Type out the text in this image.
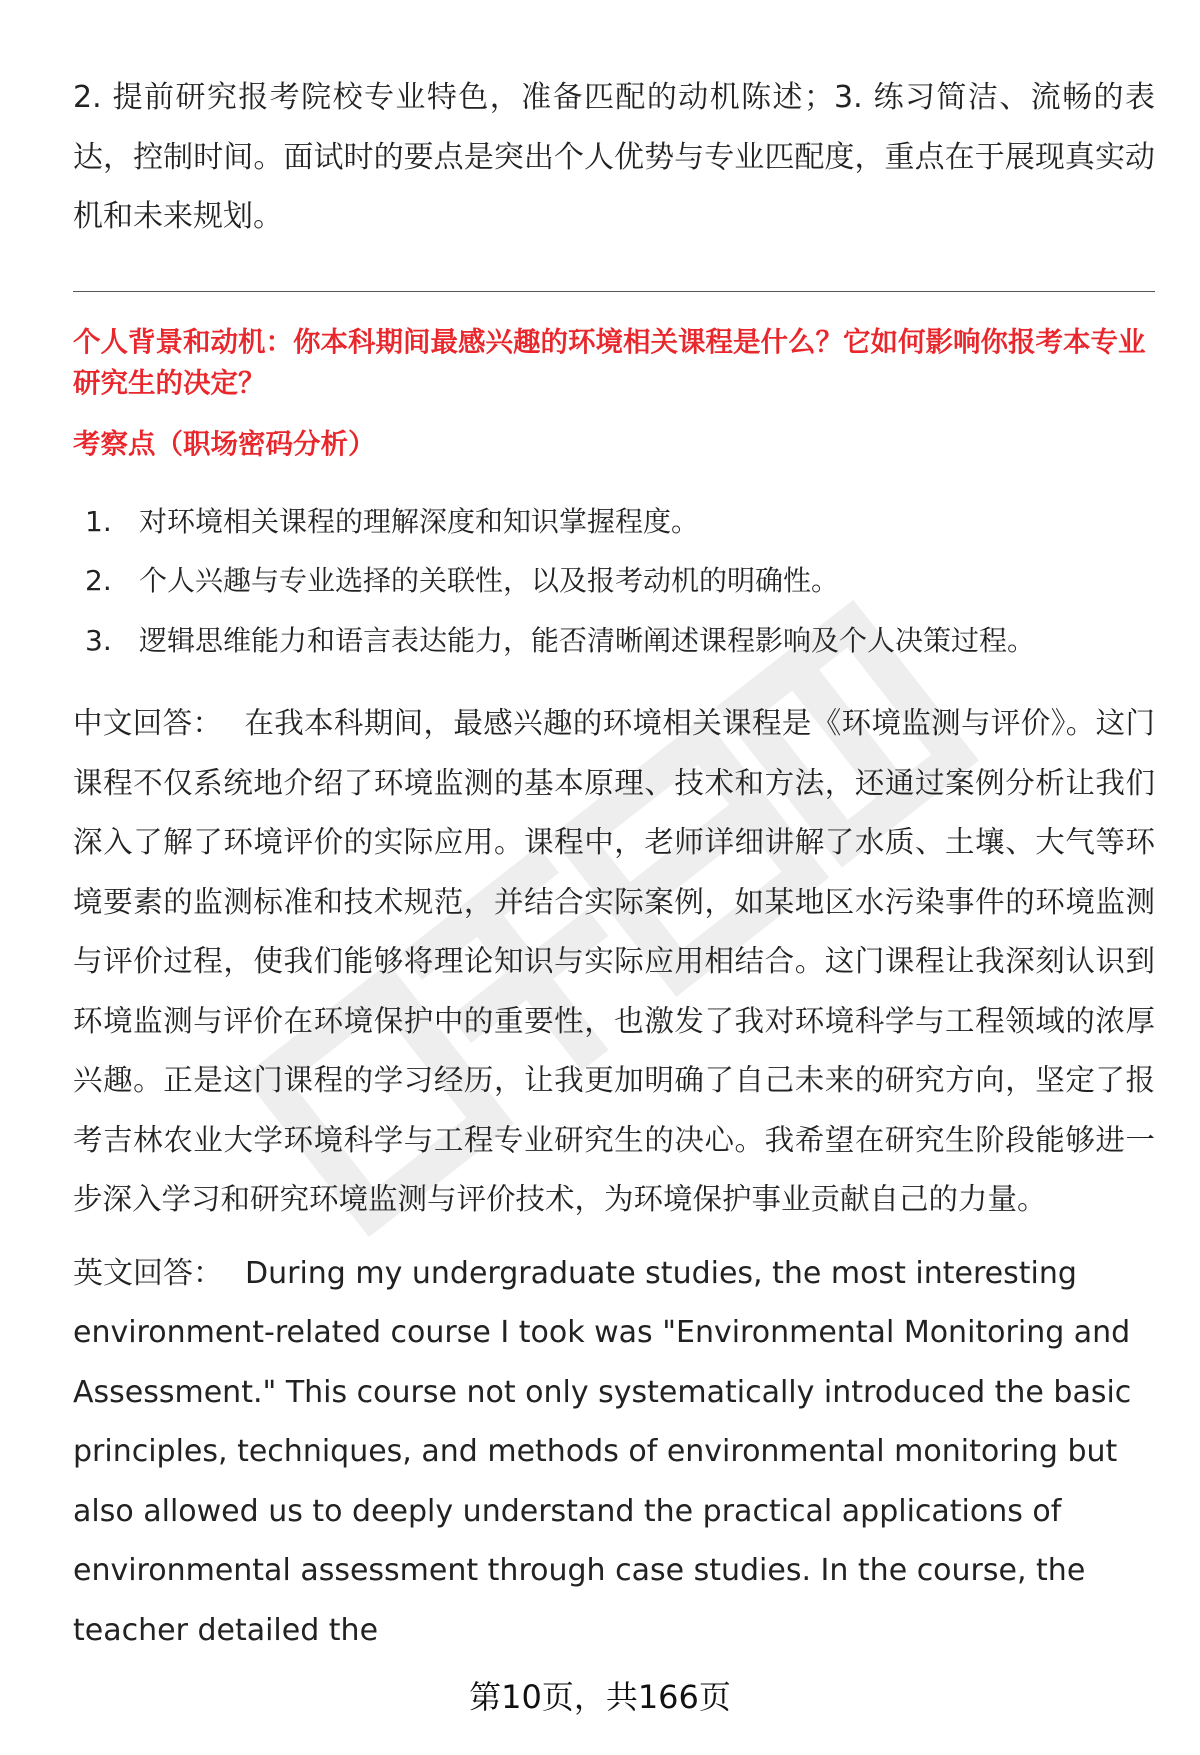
2. 提前研究报考院校专业特色，准备匹配的动机陈述；3. 练习简洁、流畅的表达，控制时间。面试时的要点是突出个人优势与专业匹配度，重点在于展现真实动机和未来规划。

个人背景和动机：你本科期间最感兴趣的环境相关课程是什么？它如何影响你报考本专业研究生的决定？

考察点（职场密码分析）

1. 对环境相关课程的理解深度和知识掌握程度。
2. 个人兴趣与专业选择的关联性，以及报考动机的明确性。
3. 逻辑思维能力和语言表达能力，能否清晰阐述课程影响及个人决策过程。

中文回答： 在我本科期间，最感兴趣的环境相关课程是《环境监测与评价》。这门课程不仅系统地介绍了环境监测的基本原理、技术和方法，还通过案例分析让我们深入了解了环境评价的实际应用。课程中，老师详细讲解了水质、土壤、大气等环境要素的监测标准和技术规范，并结合实际案例，如某地区水污染事件的环境监测与评价过程，使我们能够将理论知识与实际应用相结合。这门课程让我深刻认识到环境监测与评价在环境保护中的重要性，也激发了我对环境科学与工程领域的浓厚兴趣。正是这门课程的学习经历，让我更加明确了自己未来的研究方向，坚定了报考吉林农业大学环境科学与工程专业研究生的决心。我希望在研究生阶段能够进一步深入学习和研究环境监测与评价技术，为环境保护事业贡献自己的力量。

英文回答： During my undergraduate studies, the most interesting environment-related course I took was "Environmental Monitoring and Assessment." This course not only systematically introduced the basic principles, techniques, and methods of environmental monitoring but also allowed us to deeply understand the practical applications of environmental assessment through case studies. In the course, the teacher detailed the

第10页，共166页
